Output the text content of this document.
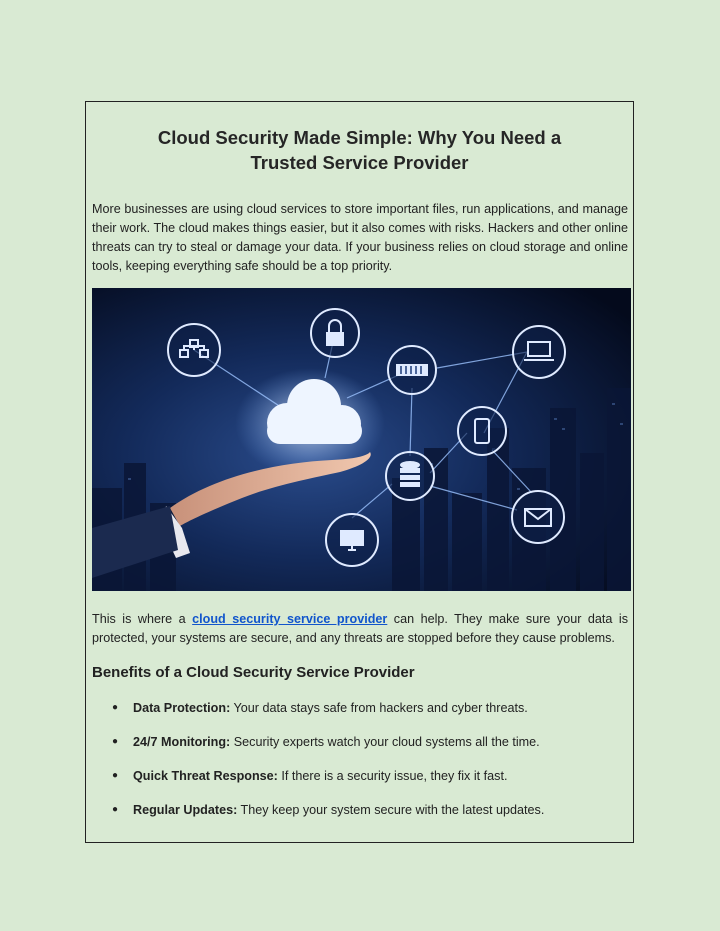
Cloud Security Made Simple: Why You Need a Trusted Service Provider

More businesses are using cloud services to store important files, run applications, and manage their work. The cloud makes things easier, but it also comes with risks. Hackers and other online threats can try to steal or damage your data. If your business relies on cloud storage and online tools, keeping everything safe should be a top priority.

This is where a cloud security service provider can help. They make sure your data is protected, your systems are secure, and any threats are stopped before they cause problems.

Benefits of a Cloud Security Service Provider
● Data Protection: Your data stays safe from hackers and cyber threats.
● 24/7 Monitoring: Security experts watch your cloud systems all the time.
● Quick Threat Response: If there is a security issue, they fix it fast.
● Regular Updates: They keep your system secure with the latest updates.
